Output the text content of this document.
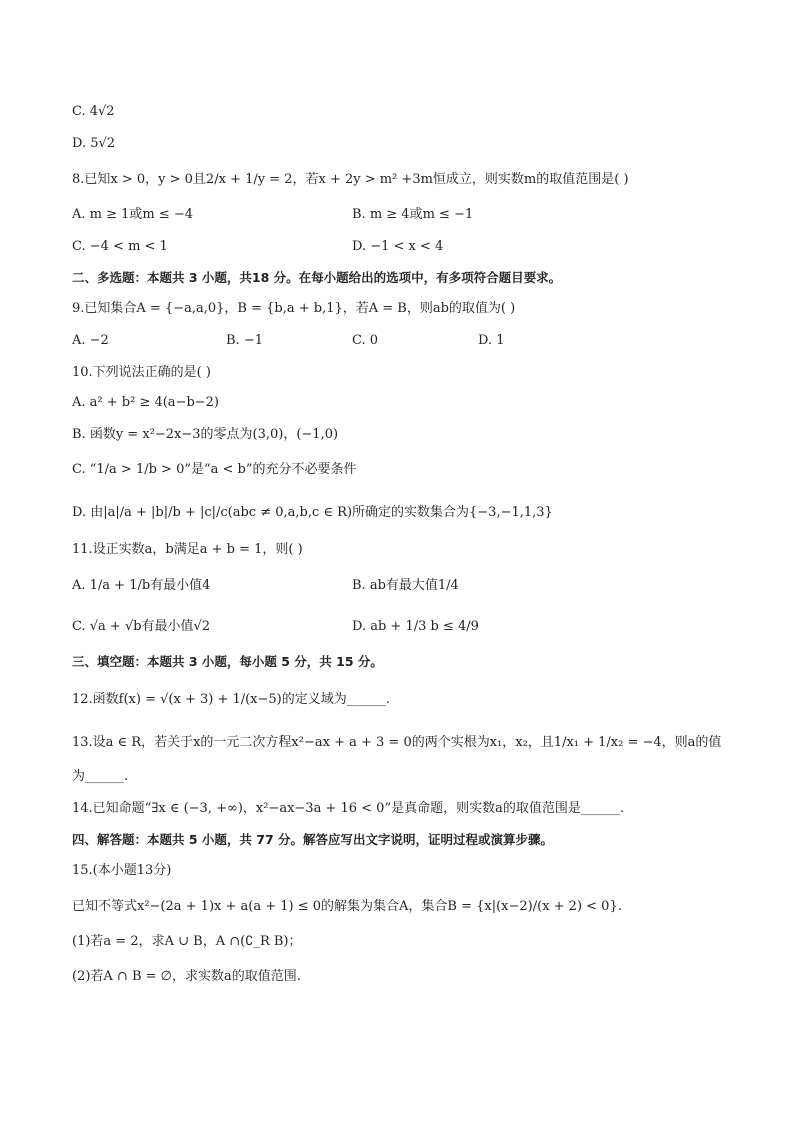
C. 4√2
D. 5√2
8.已知x > 0，y > 0且2/x + 1/y = 2，若x + 2y > m² +3m恒成立，则实数m的取值范围是( )
A. m ≥ 1或m ≤ −4	B. m ≥ 4或m ≤ −1
C. −4 < m < 1	D. −1 < x < 4
二、多选题：本题共 3 小题，共18 分。在每小题给出的选项中，有多项符合题目要求。
9.已知集合A = {−a,a,0}，B = {b,a + b,1}，若A = B，则ab的取值为( )
A. −2	B. −1	C. 0	D. 1
10.下列说法正确的是( )
A. a² + b² ≥ 4(a−b−2)
B. 函数y = x²−2x−3的零点为(3,0)，(−1,0)
C. “1/a > 1/b > 0”是“a < b”的充分不必要条件
D. 由|a|/a + |b|/b + |c|/c(abc ≠ 0,a,b,c ∈ R)所确定的实数集合为{−3,−1,1,3}
11.设正实数a，b满足a + b = 1，则( )
A. 1/a + 1/b有最小值4	B. ab有最大值1/4
C. √a + √b有最小值√2	D. ab + 1/3 b ≤ 4/9
三、填空题：本题共 3 小题，每小题 5 分，共 15 分。
12.函数f(x) = √(x + 3) + 1/(x−5)的定义域为______.
13.设a ∈ R，若关于x的一元二次方程x²−ax + a + 3 = 0的两个实根为x₁，x₂，且1/x₁ + 1/x₂ = −4，则a的值
为______.
14.已知命题“∃x ∈ (−3, +∞)，x²−ax−3a + 16 < 0”是真命题，则实数a的取值范围是______.
四、解答题：本题共 5 小题，共 77 分。解答应写出文字说明，证明过程或演算步骤。
15.(本小题13分)
已知不等式x²−(2a + 1)x + a(a + 1) ≤ 0的解集为集合A，集合B = {x|(x−2)/(x + 2) < 0}.
(1)若a = 2，求A ∪ B，A ∩(∁_R B)；
(2)若A ∩ B = ∅，求实数a的取值范围.
